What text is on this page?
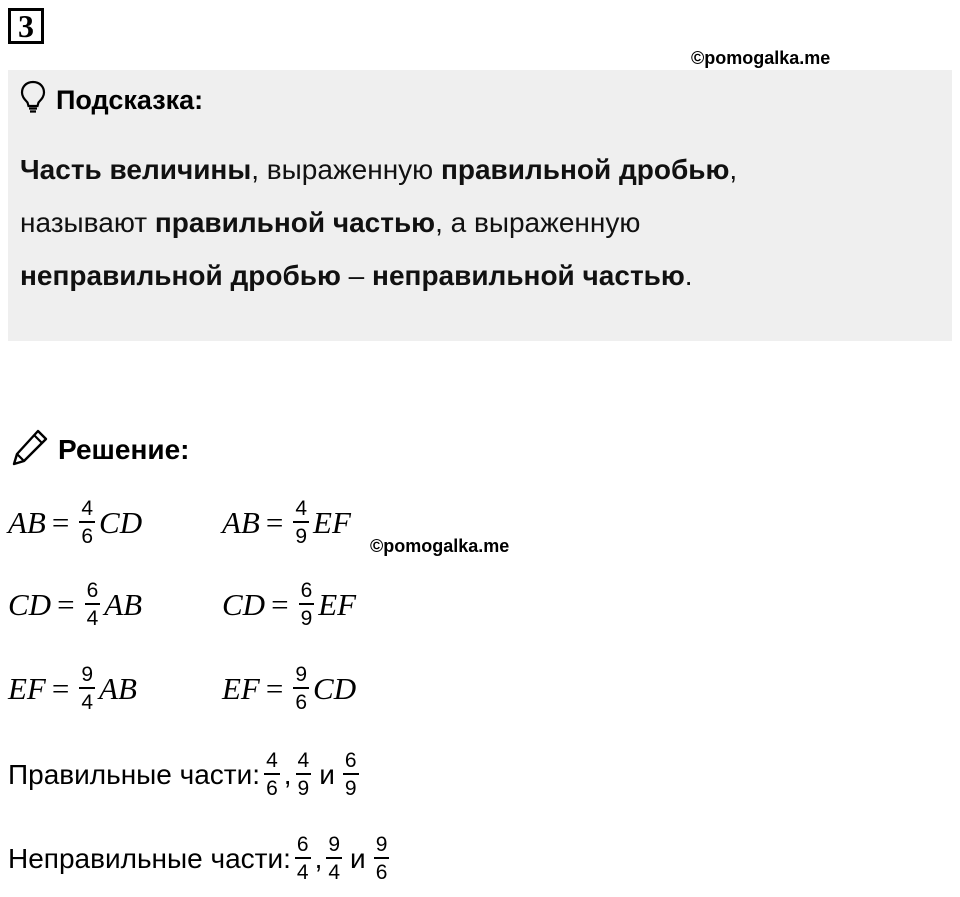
3
©pomogalka.me
Подсказка:
Часть величины, выраженную правильной дробью,
называют правильной частью, а выраженную
неправильной дробью – неправильной частью.
Решение:
AB = $\frac{4}{6}$ CD	AB = $\frac{4}{9}$ EF
©pomogalka.me
CD = $\frac{6}{4}$ AB	CD = $\frac{6}{9}$ EF
EF = $\frac{9}{4}$ AB	EF = $\frac{9}{6}$ CD
Правильные части: $\frac{4}{6}$ , $\frac{4}{9}$ и $\frac{6}{9}$
Неправильные части: $\frac{6}{4}$ , $\frac{9}{4}$ и $\frac{9}{6}$
